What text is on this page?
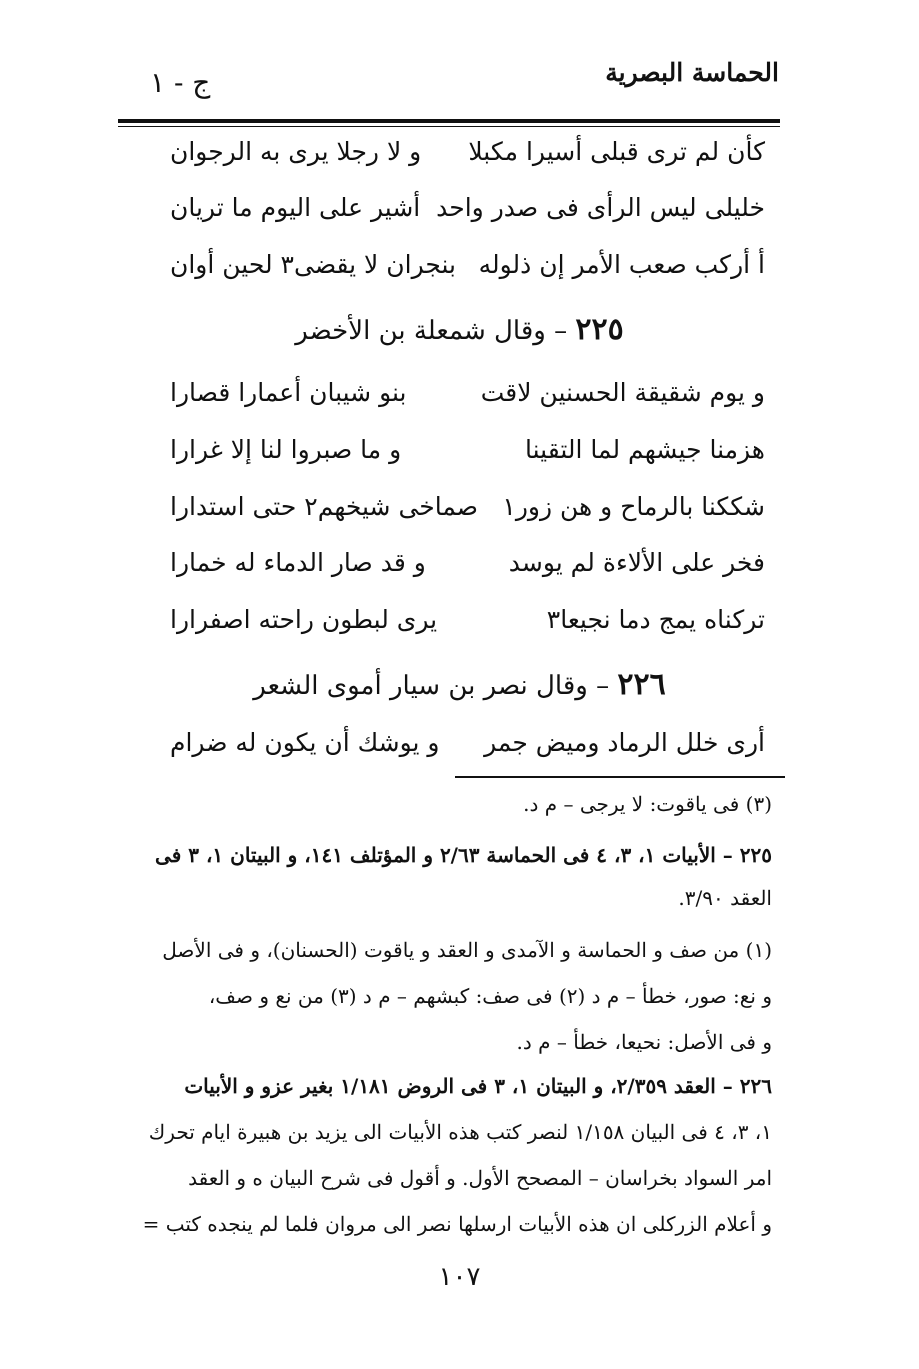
الحماسة البصرية
ج - ١
كأن لم ترى قبلى أسيرا مكبلا
و لا رجلا يرى به الرجوان
خليلى ليس الرأى فى صدر واحد
أشير على اليوم ما تريان
أ أركب صعب الأمر إن ذلوله
بنجران لا يقضى٣ لحين أوان
٢٢٥ – وقال شمعلة بن الأخضر
و يوم شقيقة الحسنين لاقت
بنو شيبان أعمارا قصارا
هزمنا جيشهم لما التقينا
و ما صبروا لنا إلا غرارا
شككنا بالرماح و هن زور١
صماخى شيخهم٢ حتى استدارا
فخر على الألاءة لم يوسد
و قد صار الدماء له خمارا
تركناه يمج دما نجيعا٣
يرى لبطون راحته اصفرارا
٢٢٦ – وقال نصر بن سيار أموى الشعر
أرى خلل الرماد وميض جمر
و يوشك أن يكون له ضرام
(٣) فى ياقوت: لا يرجى – م د.
٢٢٥ – الأبيات ١، ٣، ٤ فى الحماسة ٢/٦٣ و المؤتلف ١٤١، و البيتان ١، ٣ فى
العقد ٣/٩٠.
(١) من صف و الحماسة و الآمدى و العقد و ياقوت (الحسنان)، و فى الأصل
و نع: صور، خطأ – م د (٢) فى صف: كبشهم – م د (٣) من نع و صف،
و فى الأصل: نحيعا، خطأ – م د.
٢٢٦ – العقد ٢/٣٥٩، و البيتان ١، ٣ فى الروض ١/١٨١ بغير عزو و الأبيات
١، ٣، ٤ فى البيان ١/١٥٨ لنصر كتب هذه الأبيات الى يزيد بن هبيرة ايام تحرك
امر السواد بخراسان – المصحح الأول. و أقول فى شرح البيان ه و العقد
و أعلام الزركلى ان هذه الأبيات ارسلها نصر الى مروان فلما لم ينجده كتب =
١٠٧
